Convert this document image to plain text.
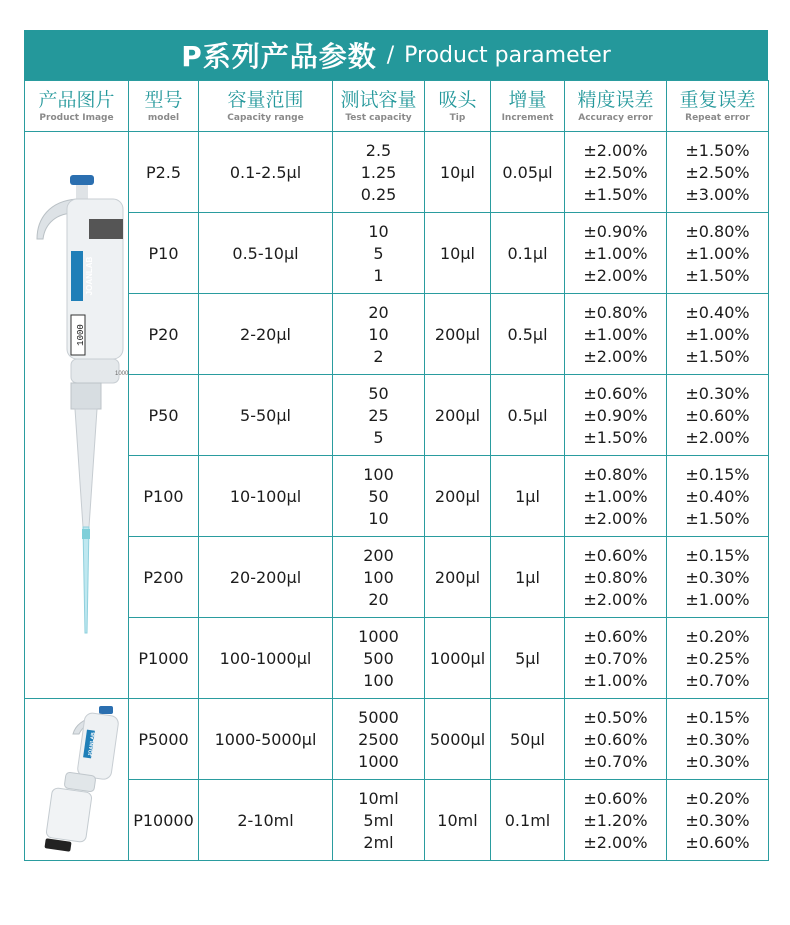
P系列产品参数 / Product parameter
产品图片
Product Image	型号
model	容量范围
Capacity range	测试容量
Test capacity	吸头
Tip	增量
Increment	精度误差
Accuracy error	重复误差
Repeat error

JOANLAB
1000
1000	P2.5	0.1-2.5μl	2.5
1.25
0.25	10μl	0.05μl	±2.00%
±2.50%
±1.50%	±1.50%
±2.50%
±3.00%

	P10	0.5-10μl	10
5
1	10μl	0.1μl	±0.90%
±1.00%
±2.00%	±0.80%
±1.00%
±1.50%

	P20	2-20μl	20
10
2	200μl	0.5μl	±0.80%
±1.00%
±2.00%	±0.40%
±1.00%
±1.50%

	P50	5-50μl	50
25
5	200μl	0.5μl	±0.60%
±0.90%
±1.50%	±0.30%
±0.60%
±2.00%

	P100	10-100μl	100
50
10	200μl	1μl	±0.80%
±1.00%
±2.00%	±0.15%
±0.40%
±1.50%

	P200	20-200μl	200
100
20	200μl	1μl	±0.60%
±0.80%
±2.00%	±0.15%
±0.30%
±1.00%

	P1000	100-1000μl	1000
500
100	1000μl	5μl	±0.60%
±0.70%
±1.00%	±0.20%
±0.25%
±0.70%

JOANLAB	P5000	1000-5000μl	5000
2500
1000	5000μl	50μl	±0.50%
±0.60%
±0.70%	±0.15%
±0.30%
±0.30%

	P10000	2-10ml	10ml
5ml
2ml	10ml	0.1ml	±0.60%
±1.20%
±2.00%	±0.20%
±0.30%
±0.60%
